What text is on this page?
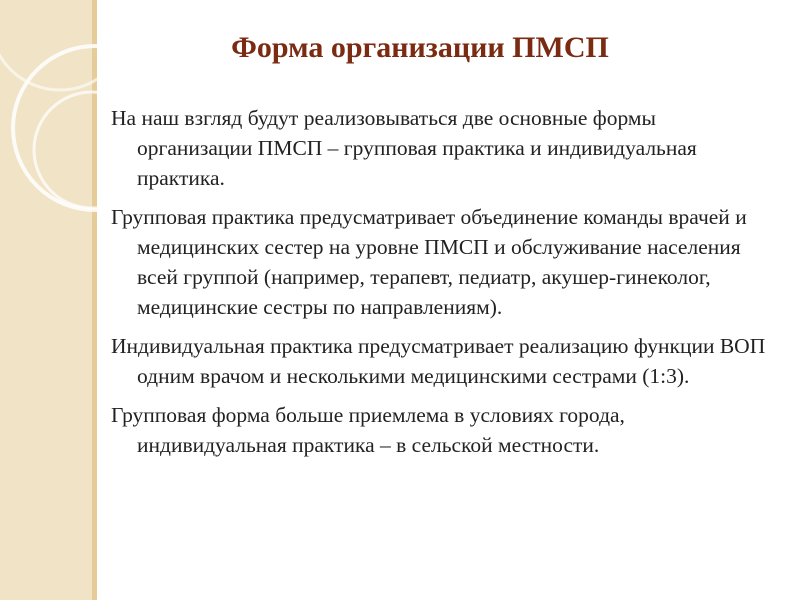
Форма организации ПМСП

На наш взгляд будут реализовываться две основные формы организации ПМСП – групповая практика и индивидуальная практика.

Групповая практика предусматривает объединение команды врачей и медицинских сестер на уровне ПМСП и обслуживание населения всей группой (например, терапевт, педиатр, акушер-гинеколог, медицинские сестры по направлениям).

Индивидуальная практика предусматривает реализацию функции ВОП одним врачом и несколькими медицинскими сестрами (1:3).

Групповая форма больше приемлема в условиях города, индивидуальная практика – в сельской местности.
